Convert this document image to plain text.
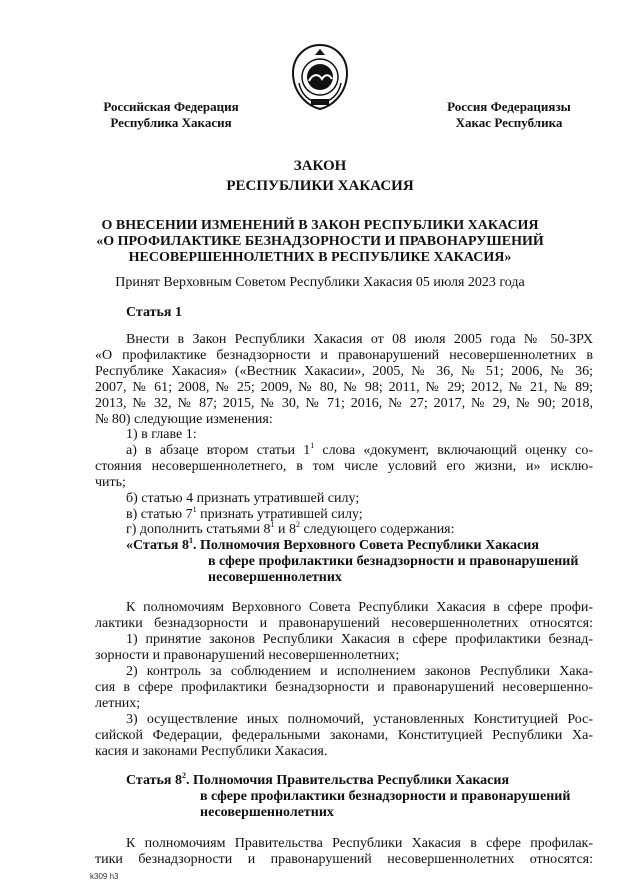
Российская Федерация
Республика Хакасия
Россия Федерациязы
Хакас Республика
ЗАКОН
РЕСПУБЛИКИ ХАКАСИЯ
О ВНЕСЕНИИ ИЗМЕНЕНИЙ В ЗАКОН РЕСПУБЛИКИ ХАКАСИЯ
«О ПРОФИЛАКТИКЕ БЕЗНАДЗОРНОСТИ И ПРАВОНАРУШЕНИЙ
НЕСОВЕРШЕННОЛЕТНИХ В РЕСПУБЛИКЕ ХАКАСИЯ»
Принят Верховным Советом Республики Хакасия 05 июля 2023 года
Статья 1
Внести в Закон Республики Хакасия от 08 июля 2005 года № 50-ЗРХ
«О профилактике безнадзорности и правонарушений несовершеннолетних в
Республике Хакасия» («Вестник Хакасии», 2005, № 36, № 51; 2006, № 36;
2007, № 61; 2008, № 25; 2009, № 80, № 98; 2011, № 29; 2012, № 21, № 89;
2013, № 32, № 87; 2015, № 30, № 71; 2016, № 27; 2017, № 29, № 90; 2018,
№ 80) следующие изменения:
1) в главе 1:
а) в абзаце втором статьи $1^1$ слова «документ, включающий оценку со-
стояния несовершеннолетнего, в том числе условий его жизни, и» исклю-
чить;
б) статью 4 признать утратившей силу;
в) статью $7^1$ признать утратившей силу;
г) дополнить статьями $8^1$ и $8^2$ следующего содержания:
«Статья $8^1$. Полномочия Верховного Совета Республики Хакасия
в сфере профилактики безнадзорности и правонарушений
несовершеннолетних
К полномочиям Верховного Совета Республики Хакасия в сфере профи-
лактики безнадзорности и правонарушений несовершеннолетних относятся:
1) принятие законов Республики Хакасия в сфере профилактики безнад-
зорности и правонарушений несовершеннолетних;
2) контроль за соблюдением и исполнением законов Республики Хака-
сия в сфере профилактики безнадзорности и правонарушений несовершенно-
летних;
3) осуществление иных полномочий, установленных Конституцией Рос-
сийской Федерации, федеральными законами, Конституцией Республики Ха-
касия и законами Республики Хакасия.
Статья $8^2$. Полномочия Правительства Республики Хакасия
в сфере профилактики безнадзорности и правонарушений
несовершеннолетних
К полномочиям Правительства Республики Хакасия в сфере профилак-
тики безнадзорности и правонарушений несовершеннолетних относятся:
k309 h3
